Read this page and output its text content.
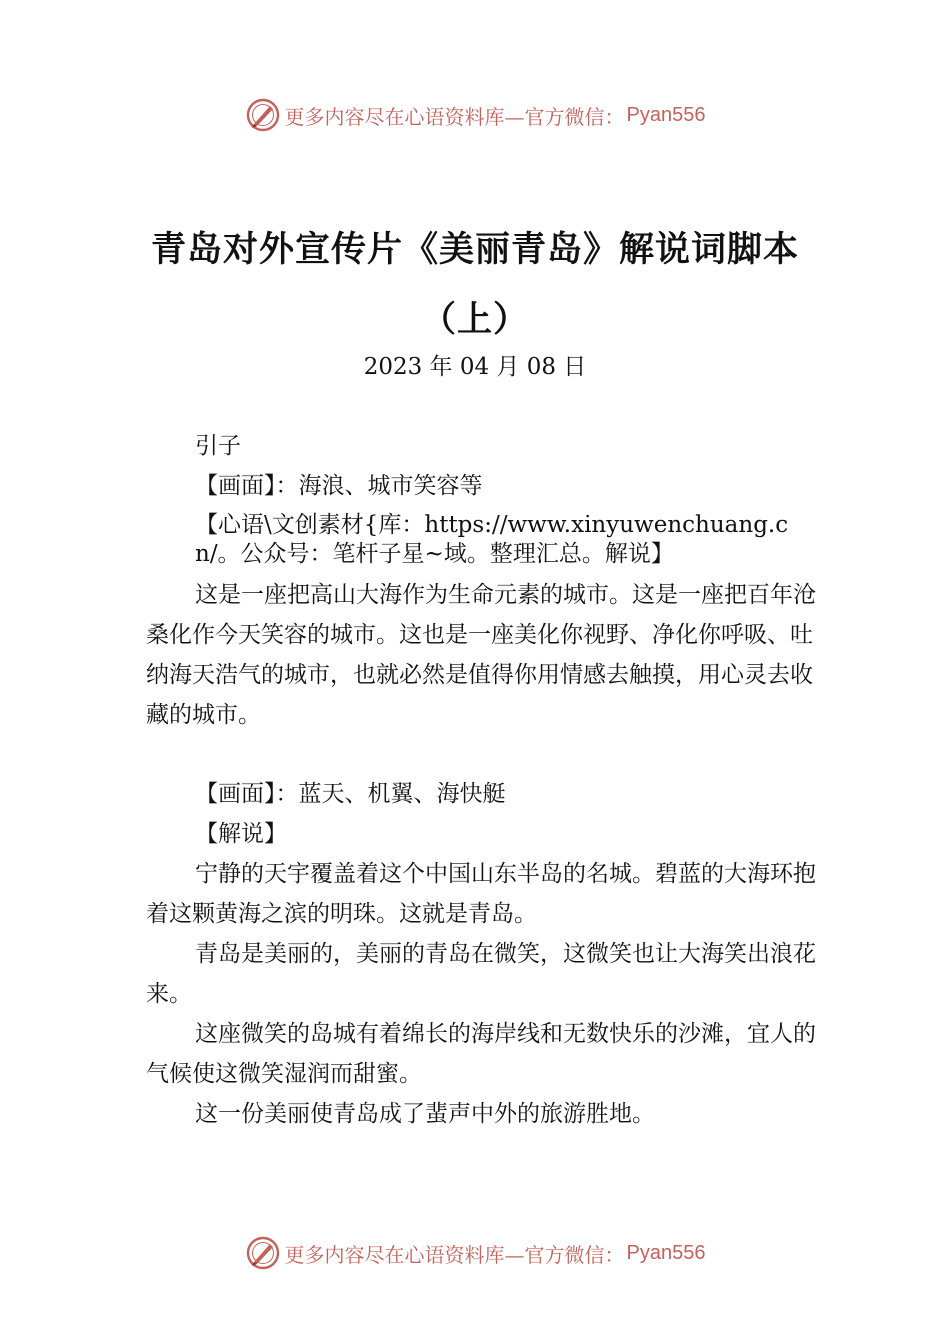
更多内容尽在心语资料库—官方微信： Pyan556
青岛对外宣传片《美丽青岛》解说词脚本
（上）
2023 年 04 月 08 日

引子

【画面】：海浪、城市笑容等

【心语\文创素材{库：https://www.xinyuwenchuang.cn/。公众号：笔杆子星~域。整理汇总。解说】

这是一座把高山大海作为生命元素的城市。这是一座把百年沧桑化作今天笑容的城市。这也是一座美化你视野、净化你呼吸、吐纳海天浩气的城市，也就必然是值得你用情感去触摸，用心灵去收藏的城市。

【画面】：蓝天、机翼、海快艇

【解说】

宁静的天宇覆盖着这个中国山东半岛的名城。碧蓝的大海环抱着这颗黄海之滨的明珠。这就是青岛。

青岛是美丽的，美丽的青岛在微笑，这微笑也让大海笑出浪花来。

这座微笑的岛城有着绵长的海岸线和无数快乐的沙滩，宜人的气候使这微笑湿润而甜蜜。

这一份美丽使青岛成了蜚声中外的旅游胜地。

更多内容尽在心语资料库—官方微信： Pyan556
